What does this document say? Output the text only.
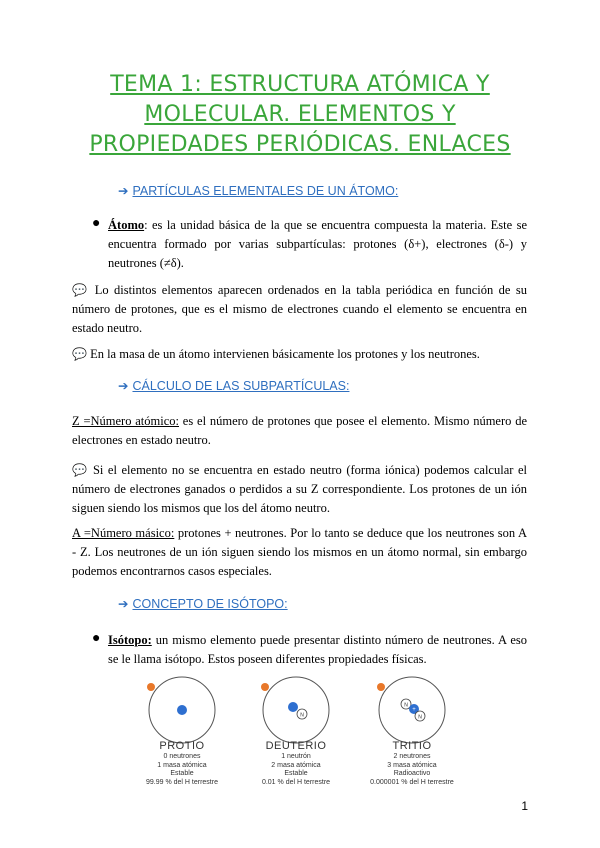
TEMA 1: ESTRUCTURA ATÓMICA Y
MOLECULAR. ELEMENTOS Y
PROPIEDADES PERIÓDICAS. ENLACES
➔ PARTÍCULAS ELEMENTALES DE UN ÁTOMO:
Átomo: es la unidad básica de la que se encuentra compuesta la materia. Este se encuentra formado por varias subpartículas: protones (δ+), electrones (δ-) y neutrones (≠δ).
●
💬 Lo distintos elementos aparecen ordenados en la tabla periódica en función de su número de protones, que es el mismo de electrones cuando el elemento se encuentra en estado neutro.
💬 En la masa de un átomo intervienen básicamente los protones y los neutrones.
➔ CÁLCULO DE LAS SUBPARTÍCULAS:
Z =Número atómico: es el número de protones que posee el elemento. Mismo número de electrones en estado neutro.
💬 Si el elemento no se encuentra en estado neutro (forma iónica) podemos calcular el número de electrones ganados o perdidos a su Z correspondiente. Los protones de un ión siguen siendo los mismos que los del átomo neutro.
A =Número másico: protones + neutrones. Por lo tanto se deduce que los neutrones son A - Z. Los neutrones de un ión siguen siendo los mismos en un átomo normal, sin embargo podemos encontrarnos casos especiales.
➔ CONCEPTO DE ISÓTOPO:
Isótopo: un mismo elemento puede presentar distinto número de neutrones. A eso se le llama isótopo. Estos poseen diferentes propiedades físicas.
●
N
N
+
N
PROTIO
0 neutrones
1 masa atómica
Estable
99.99 % del H terrestre
DEUTERIO
1 neutrón
2 masa atómica
Estable
0.01 % del H terrestre
TRITIO
2 neutrones
3 masa atómica
Radioactivo
0.000001 % del H terrestre
1
